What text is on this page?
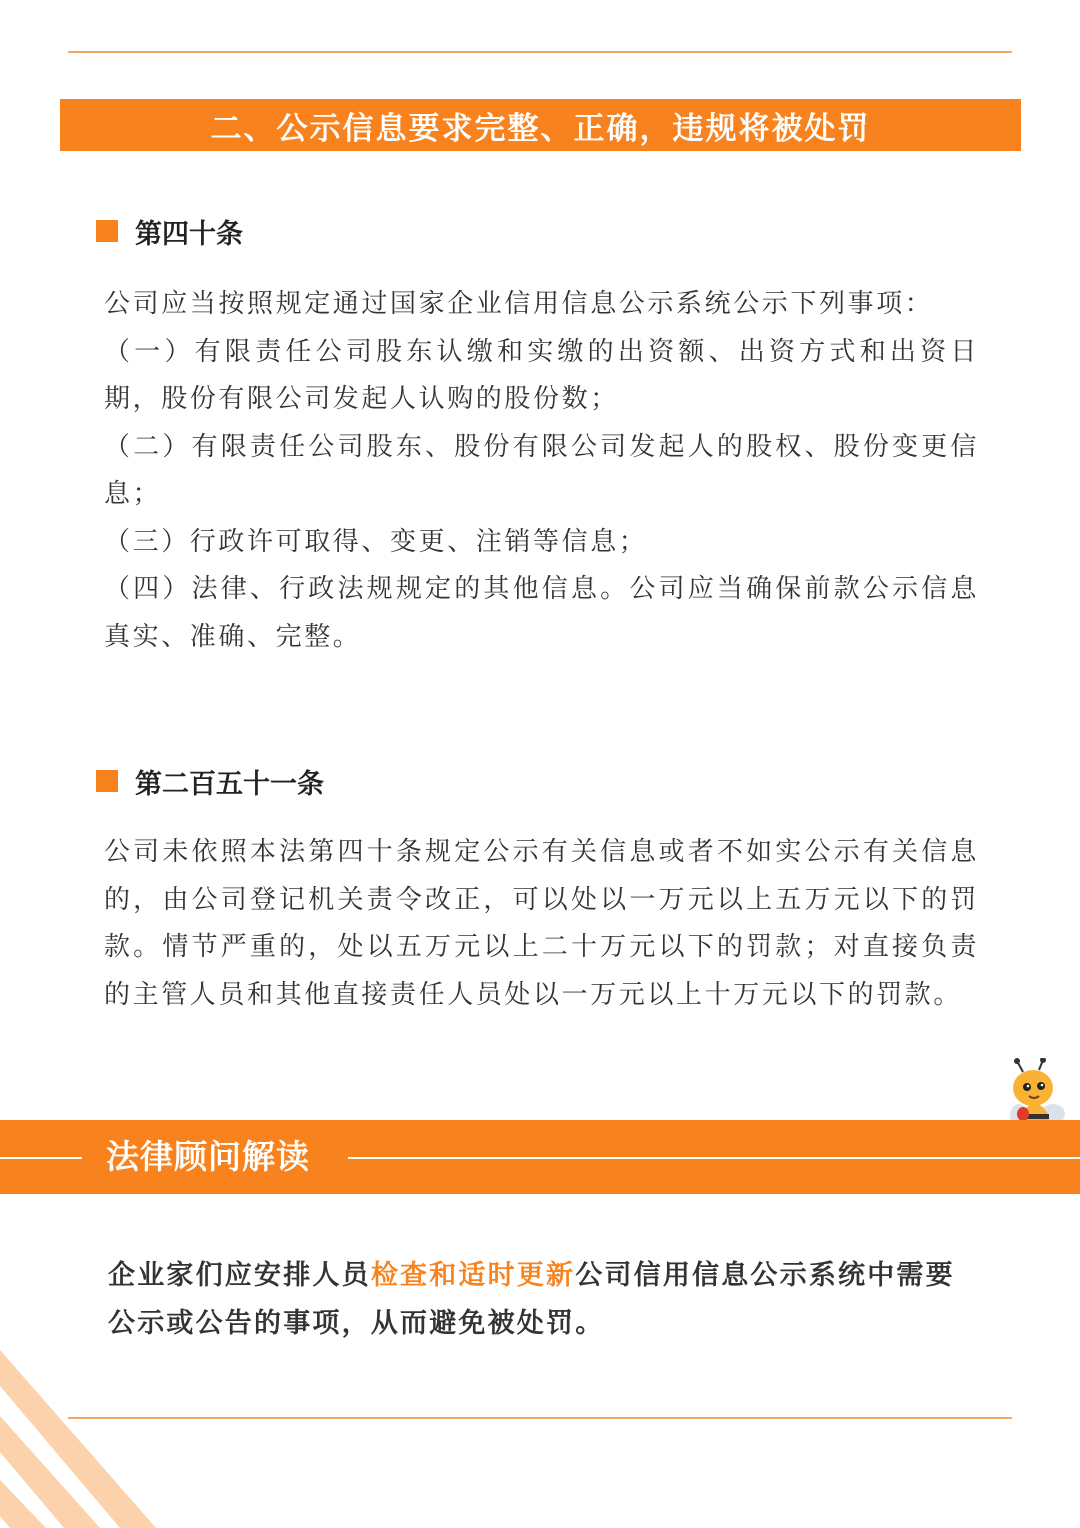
二、公示信息要求完整、正确，违规将被处罚
第四十条

公司应当按照规定通过国家企业信用信息公示系统公示下列事项：

（一）有限责任公司股东认缴和实缴的出资额、出资方式和出资日期，股份有限公司发起人认购的股份数；

（二）有限责任公司股东、股份有限公司发起人的股权、股份变更信息；

（三）行政许可取得、变更、注销等信息；

（四）法律、行政法规规定的其他信息。公司应当确保前款公示信息真实、准确、完整。

第二百五十一条

公司未依照本法第四十条规定公示有关信息或者不如实公示有关信息的，由公司登记机关责令改正，可以处以一万元以上五万元以下的罚款。情节严重的，处以五万元以上二十万元以下的罚款；对直接负责的主管人员和其他直接责任人员处以一万元以上十万元以下的罚款。

法律顾问解读
企业家们应安排人员检查和适时更新公司信用信息公示系统中需要公示或公告的事项，从而避免被处罚。
